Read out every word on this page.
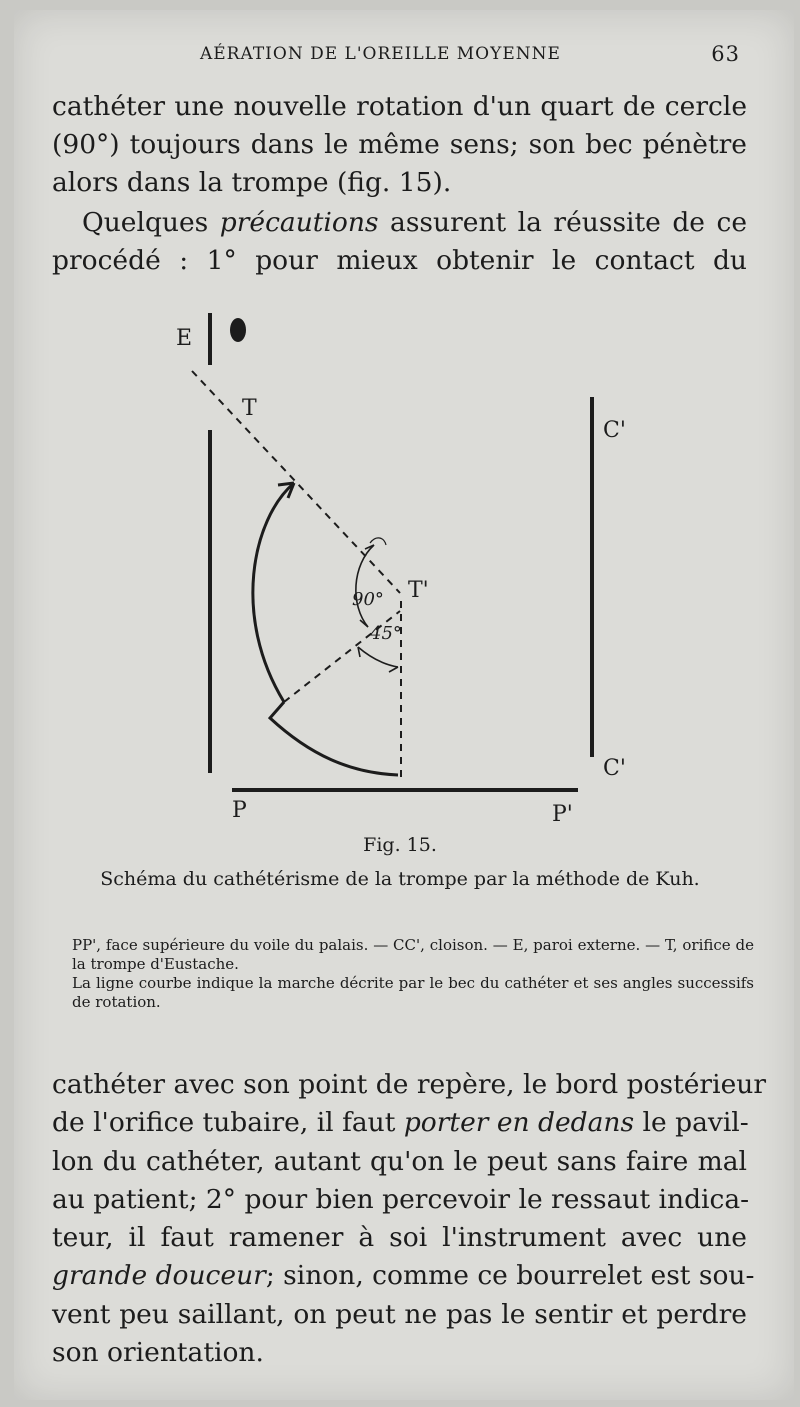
AÉRATION DE L'OREILLE MOYENNE	63
cathéter une nouvelle rotation d'un quart de cercle
(90°) toujours dans le même sens; son bec pénètre
alors dans la trompe (fig. 15).
Quelques précautions assurent la réussite de ce
procédé : 1° pour mieux obtenir le contact du
E
T
T'
C'
C'
P	P'
90°
45°
Fig. 15.
Schéma du cathétérisme de la trompe par la méthode de Kuh.

PP', face supérieure du voile du palais. — CC', cloison. — E, paroi externe. — T, orifice de la trompe d'Eustache.

La ligne courbe indique la marche décrite par le bec du cathéter et ses angles successifs de rotation.

cathéter avec son point de repère, le bord postérieur
de l'orifice tubaire, il faut porter en dedans le pavil-
lon du cathéter, autant qu'on le peut sans faire mal
au patient; 2° pour bien percevoir le ressaut indica-
teur, il faut ramener à soi l'instrument avec une
grande douceur; sinon, comme ce bourrelet est sou-
vent peu saillant, on peut ne pas le sentir et perdre
son orientation.
